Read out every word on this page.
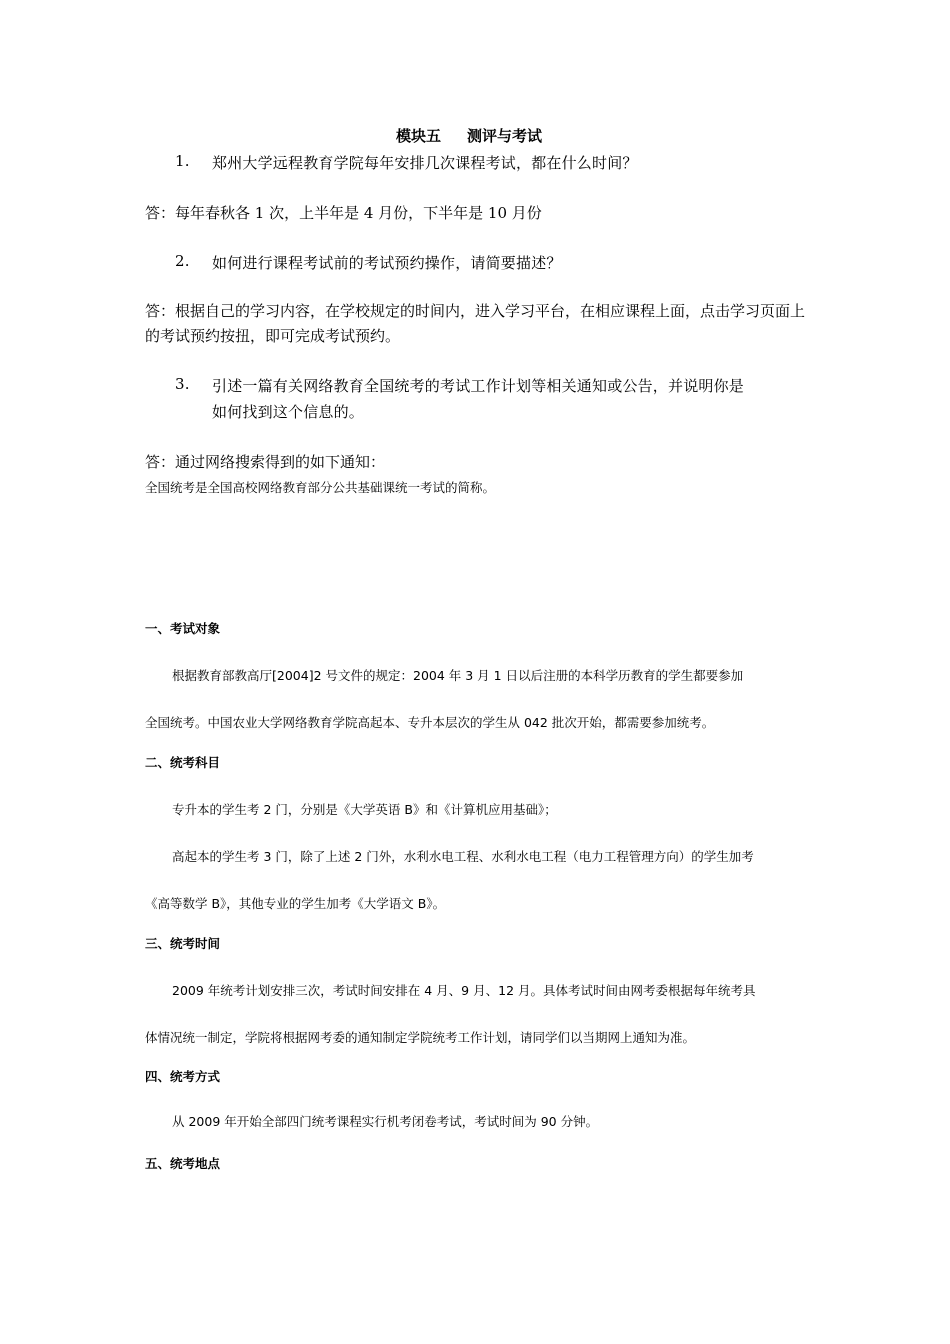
模块五 测评与考试
1.	郑州大学远程教育学院每年安排几次课程考试，都在什么时间？
答：每年春秋各 1 次，上半年是 4 月份，下半年是 10 月份
2.	如何进行课程考试前的考试预约操作，请简要描述？
答：根据自己的学习内容，在学校规定的时间内，进入学习平台，在相应课程上面，点击学习页面上的考试预约按扭，即可完成考试预约。
3.	引述一篇有关网络教育全国统考的考试工作计划等相关通知或公告，并说明你是
如何找到这个信息的。
答：通过网络搜索得到的如下通知：
全国统考是全国高校网络教育部分公共基础课统一考试的简称。
一、考试对象
根据教育部教高厅[2004]2 号文件的规定：2004 年 3 月 1 日以后注册的本科学历教育的学生都要参加
全国统考。中国农业大学网络教育学院高起本、专升本层次的学生从 042 批次开始，都需要参加统考。
二、统考科目
专升本的学生考 2 门，分别是《大学英语 B》和《计算机应用基础》；
高起本的学生考 3 门，除了上述 2 门外，水利水电工程、水利水电工程（电力工程管理方向）的学生加考
《高等数学 B》，其他专业的学生加考《大学语文 B》。
三、统考时间
2009 年统考计划安排三次，考试时间安排在 4 月、9 月、12 月。具体考试时间由网考委根据每年统考具
体情况统一制定，学院将根据网考委的通知制定学院统考工作计划，请同学们以当期网上通知为准。
四、统考方式
从 2009 年开始全部四门统考课程实行机考闭卷考试，考试时间为 90 分钟。
五、统考地点
